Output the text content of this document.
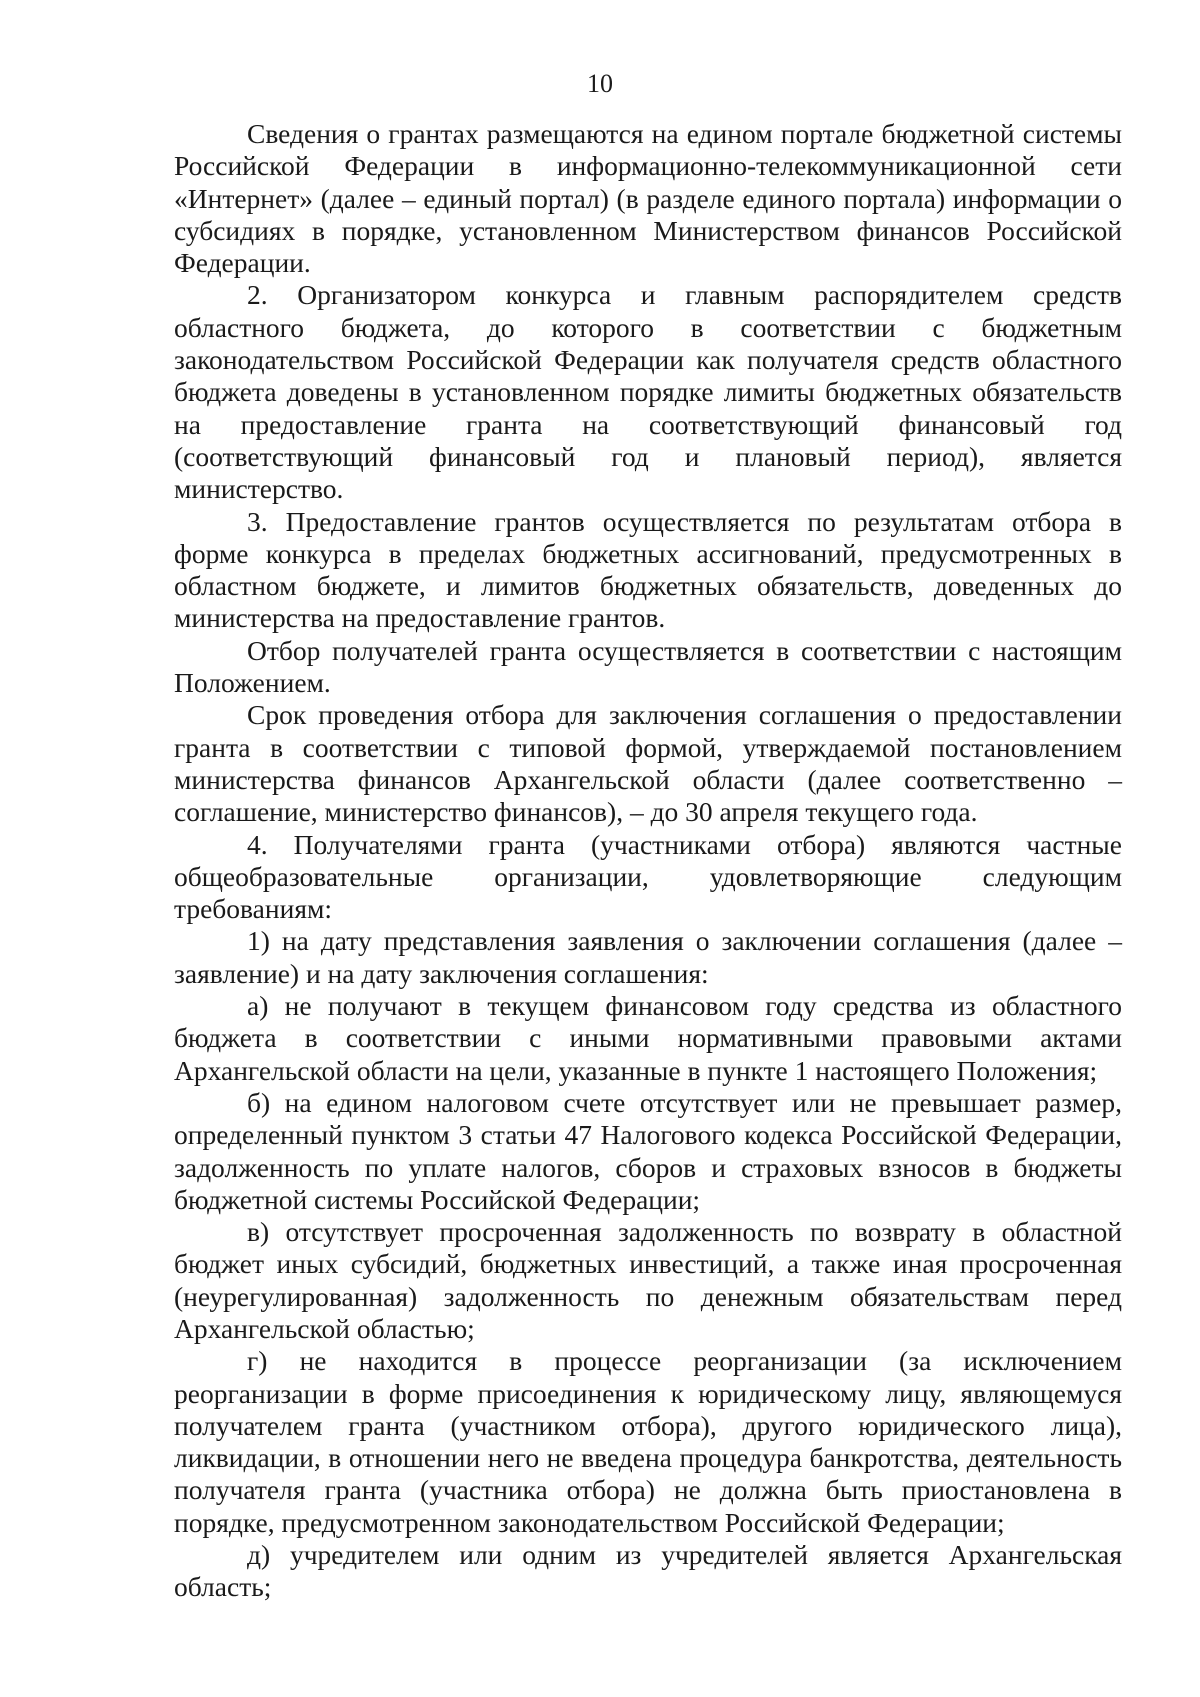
10

Сведения о грантах размещаются на едином портале бюджетной системы Российской Федерации в информационно-телекоммуникационной сети «Интернет» (далее – единый портал) (в разделе единого портала) информации о субсидиях в порядке, установленном Министерством финансов Российской Федерации.

2. Организатором конкурса и главным распорядителем средств областного бюджета, до которого в соответствии с бюджетным законодательством Российской Федерации как получателя средств областного бюджета доведены в установленном порядке лимиты бюджетных обязательств на предоставление гранта на соответствующий финансовый год (соответствующий финансовый год и плановый период), является министерство.

3. Предоставление грантов осуществляется по результатам отбора в форме конкурса в пределах бюджетных ассигнований, предусмотренных в областном бюджете, и лимитов бюджетных обязательств, доведенных до министерства на предоставление грантов.

Отбор получателей гранта осуществляется в соответствии с настоящим Положением.

Срок проведения отбора для заключения соглашения о предоставлении гранта в соответствии с типовой формой, утверждаемой постановлением министерства финансов Архангельской области (далее соответственно – соглашение, министерство финансов), – до 30 апреля текущего года.

4. Получателями гранта (участниками отбора) являются частные общеобразовательные организации, удовлетворяющие следующим требованиям:

1) на дату представления заявления о заключении соглашения (далее – заявление) и на дату заключения соглашения:

а) не получают в текущем финансовом году средства из областного бюджета в соответствии с иными нормативными правовыми актами Архангельской области на цели, указанные в пункте 1 настоящего Положения;

б) на едином налоговом счете отсутствует или не превышает размер, определенный пунктом 3 статьи 47 Налогового кодекса Российской Федерации, задолженность по уплате налогов, сборов и страховых взносов в бюджеты бюджетной системы Российской Федерации;

в) отсутствует просроченная задолженность по возврату в областной бюджет иных субсидий, бюджетных инвестиций, а также иная просроченная (неурегулированная) задолженность по денежным обязательствам перед Архангельской областью;

г) не находится в процессе реорганизации (за исключением реорганизации в форме присоединения к юридическому лицу, являющемуся получателем гранта (участником отбора), другого юридического лица), ликвидации, в отношении него не введена процедура банкротства, деятельность получателя гранта (участника отбора) не должна быть приостановлена в порядке, предусмотренном законодательством Российской Федерации;

д) учредителем или одним из учредителей является Архангельская область;
